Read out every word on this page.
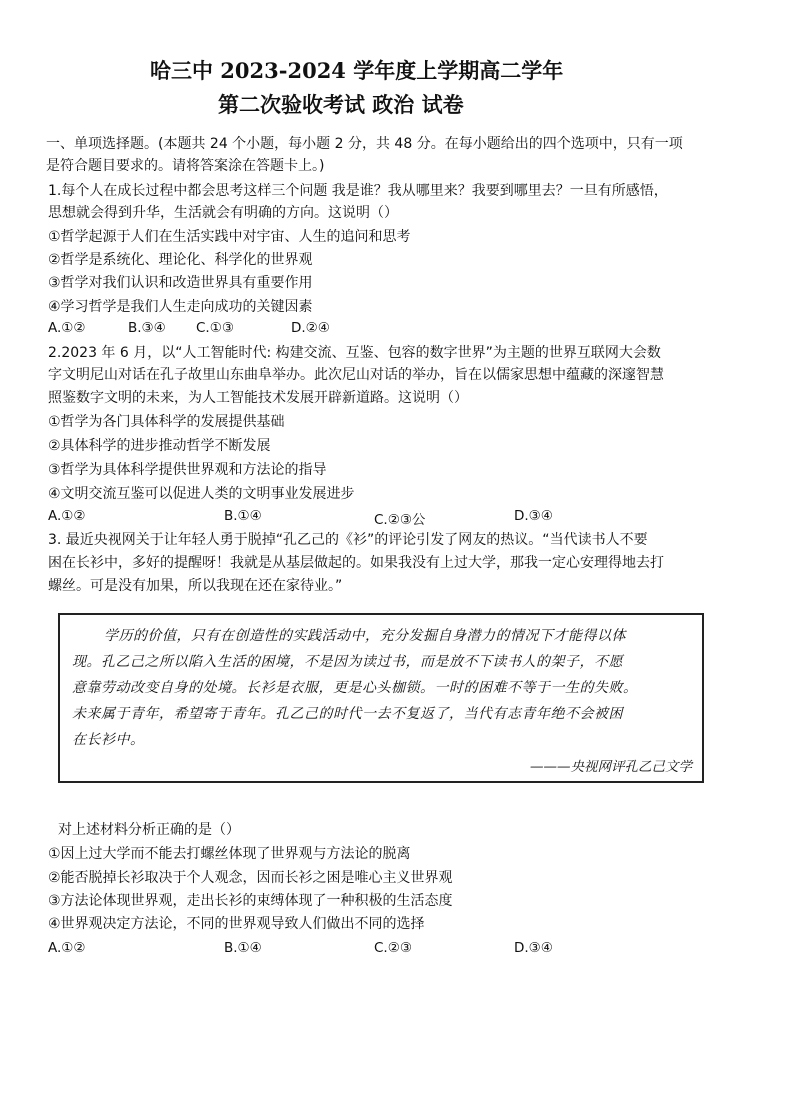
哈三中 2023-2024 学年度上学期高二学年
第二次验收考试 政治 试卷
一、单项选择题。(本题共 24 个小题，每小题 2 分，共 48 分。在每小题给出的四个选项中，只有一项
是符合题目要求的。请将答案涂在答题卡上。)
1.每个人在成长过程中都会思考这样三个问题 我是谁？我从哪里来？我要到哪里去？一旦有所感悟，
思想就会得到升华，生活就会有明确的方向。这说明（）
①哲学起源于人们在生活实践中对宇宙、人生的追问和思考
②哲学是系统化、理论化、科学化的世界观
③哲学对我们认识和改造世界具有重要作用
④学习哲学是我们人生走向成功的关键因素
A.①②	B.③④ C.①③	D.②④
2.2023 年 6 月，以“人工智能时代: 构建交流、互鉴、包容的数字世界”为主题的世界互联网大会数
字文明尼山对话在孔子故里山东曲阜举办。此次尼山对话的举办，旨在以儒家思想中蕴藏的深邃智慧
照鉴数字文明的未来，为人工智能技术发展开辟新道路。这说明（）
①哲学为各门具体科学的发展提供基础
②具体科学的进步推动哲学不断发展
③哲学为具体科学提供世界观和方法论的指导
④文明交流互鉴可以促进人类的文明事业发展进步
A.①②	B.①④	C.②③公	D.③④
3. 最近央视网关于让年轻人勇于脱掉“孔乙己的《衫”的评论引发了网友的热议。“当代读书人不要
困在长衫中，多好的提醒呀！我就是从基层做起的。如果我没有上过大学，那我一定心安理得地去打
螺丝。可是没有加果，所以我现在还在家待业。”
学历的价值，只有在创造性的实践活动中，充分发掘自身潜力的情况下才能得以体
现。孔乙己之所以陷入生活的困境，不是因为读过书，而是放不下读书人的架子，不愿
意靠劳动改变自身的处境。长衫是衣服，更是心头枷锁。一时的困难不等于一生的失败。
未来属于青年，希望寄于青年。孔乙己的时代一去不复返了，当代有志青年绝不会被困
在长衫中。
———央视网评孔乙己文学
对上述材料分析正确的是（）
①因上过大学而不能去打螺丝体现了世界观与方法论的脱离
②能否脱掉长衫取决于个人观念，因而长衫之困是唯心主义世界观
③方法论体现世界观，走出长衫的束缚体现了一种积极的生活态度
④世界观决定方法论，不同的世界观导致人们做出不同的选择
A.①②	B.①④	C.②③	D.③④
